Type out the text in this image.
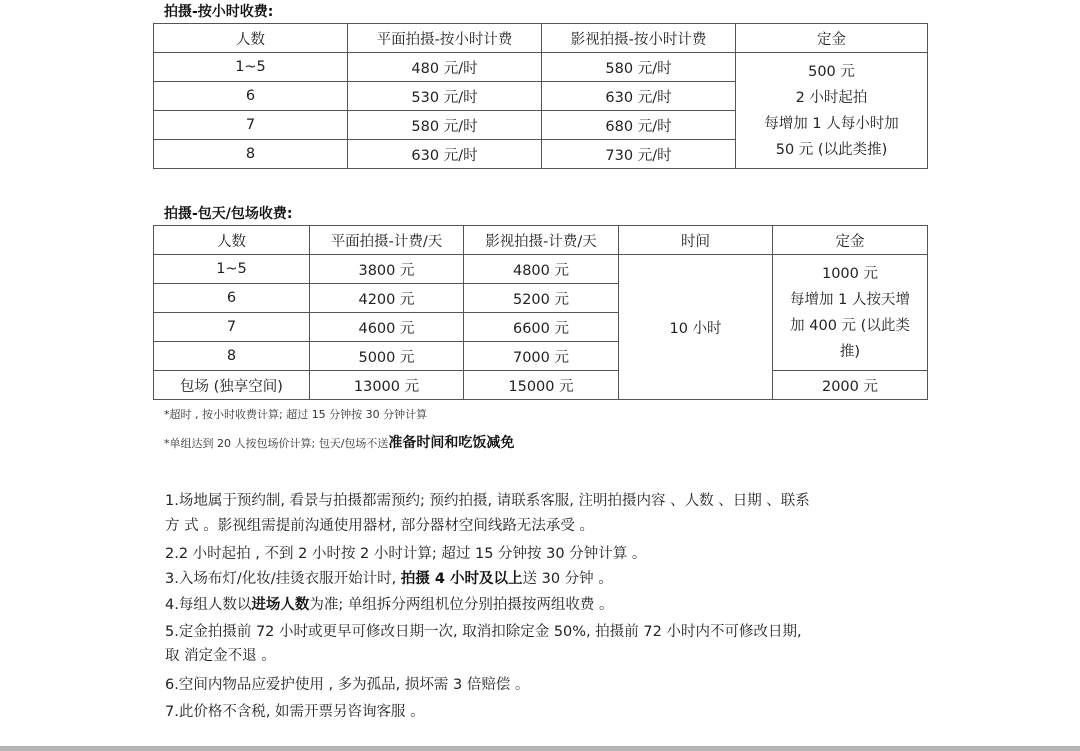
拍摄-按小时收费:
人数	平面拍摄-按小时计费	影视拍摄-按小时计费	定金
1~5	480 元/时	580 元/时	500 元
2 小时起拍
每增加 1 人每小时加
50 元 (以此类推)

6	530 元/时	630 元/时	
7	580 元/时	680 元/时	
8	630 元/时	730 元/时	
拍摄-包天/包场收费:
人数	平面拍摄-计费/天	影视拍摄-计费/天	时间	定金
1~5	3800 元	4800 元	10 小时	1000 元
每增加 1 人按天增
加 400 元 (以此类
推)

6	4200 元	5200 元		
7	4600 元	6600 元		
8	5000 元	7000 元		
包场 (独享空间)	13000 元	15000 元		2000 元
*超时 , 按小时收费计算; 超过 15 分钟按 30 分钟计算
*单组达到 20 人按包场价计算; 包天/包场不送准备时间和吃饭减免
1.场地属于预约制, 看景与拍摄都需预约; 预约拍摄, 请联系客服, 注明拍摄内容 、人数 、日期 、联系
方 式 。影视组需提前沟通使用器材, 部分器材空间线路无法承受 。
2.2 小时起拍 , 不到 2 小时按 2 小时计算; 超过 15 分钟按 30 分钟计算 。
3.入场布灯/化妆/挂烫衣服开始计时, 拍摄 4 小时及以上送 30 分钟 。
4.每组人数以进场人数为准; 单组拆分两组机位分别拍摄按两组收费 。
5.定金拍摄前 72 小时或更早可修改日期一次, 取消扣除定金 50%, 拍摄前 72 小时内不可修改日期,
取 消定金不退 。
6.空间内物品应爱护使用 , 多为孤品, 损坏需 3 倍赔偿 。
7.此价格不含税, 如需开票另咨询客服 。
